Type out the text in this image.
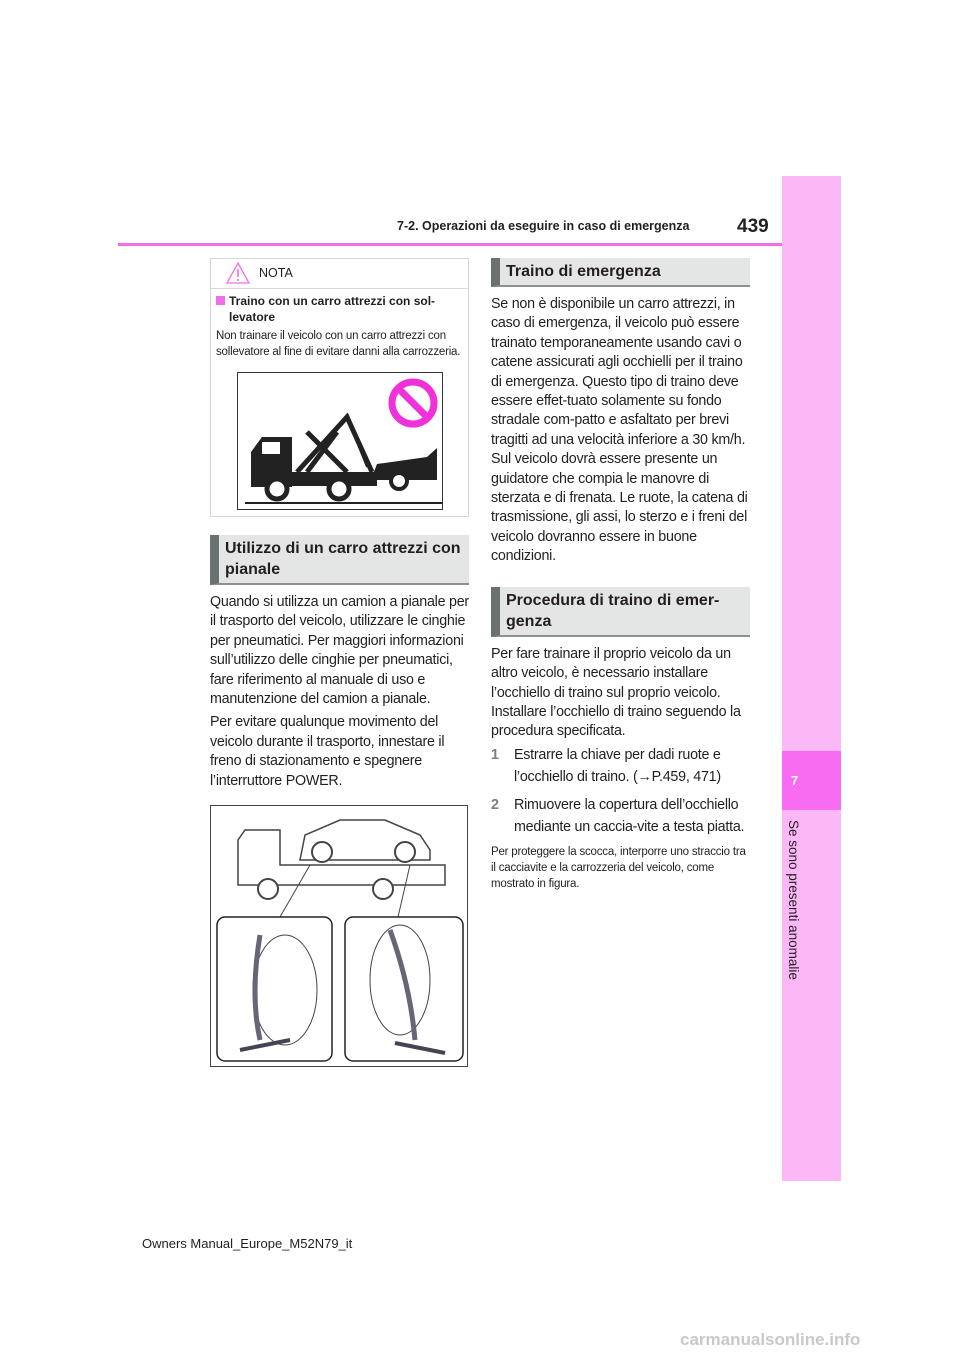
7
Se sono presenti anomalie
7-2. Operazioni da eseguire in caso di emergenza	439
NOTA
Traino con un carro attrezzi con sol-levatore
Non trainare il veicolo con un carro attrezzi con sollevatore al fine di evitare danni alla carrozzeria.
Utilizzo di un carro attrezzi con pianale
Quando si utilizza un camion a pianale per il trasporto del veicolo, utilizzare le cinghie per pneumatici. Per maggiori informazioni sull’utilizzo delle cinghie per pneumatici, fare riferimento al manuale di uso e manutenzione del camion a pianale.
Per evitare qualunque movimento del veicolo durante il trasporto, innestare il freno di stazionamento e spegnere l’interruttore POWER.
Traino di emergenza
Se non è disponibile un carro attrezzi, in caso di emergenza, il veicolo può essere trainato temporaneamente usando cavi o catene assicurati agli occhielli per il traino di emergenza. Questo tipo di traino deve essere effet-tuato solamente su fondo stradale com-patto e asfaltato per brevi tragitti ad una velocità inferiore a 30 km/h. Sul veicolo dovrà essere presente un guidatore che compia le manovre di sterzata e di frenata. Le ruote, la catena di trasmissione, gli assi, lo sterzo e i freni del veicolo dovranno essere in buone condizioni.
Procedura di traino di emer-genza
Per fare trainare il proprio veicolo da un altro veicolo, è necessario installare l’occhiello di traino sul proprio veicolo. Installare l’occhiello di traino seguendo la procedura specificata.
1 Estrarre la chiave per dadi ruote e l’occhiello di traino. (→P.459, 471)
2 Rimuovere la copertura dell’occhiello mediante un caccia-vite a testa piatta.
Per proteggere la scocca, interporre uno straccio tra il cacciavite e la carrozzeria del veicolo, come mostrato in figura.
Owners Manual_Europe_M52N79_it
carmanualsonline.info
